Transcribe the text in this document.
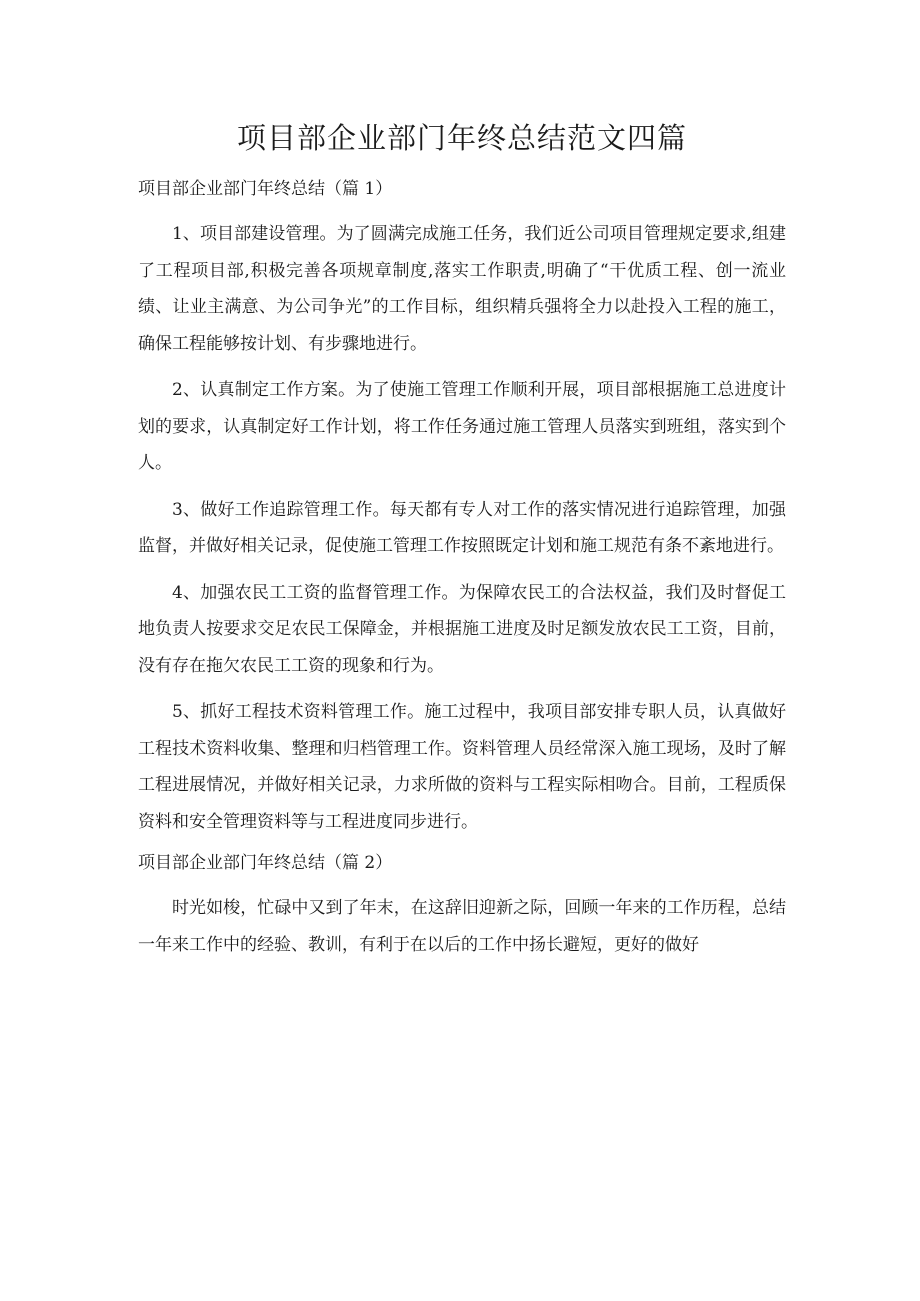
项目部企业部门年终总结范文四篇
项目部企业部门年终总结（篇 1）

1、项目部建设管理。为了圆满完成施工任务，我们近公司项目管理规定要求,组建了工程项目部,积极完善各项规章制度,落实工作职责,明确了“干优质工程、创一流业绩、让业主满意、为公司争光”的工作目标，组织精兵强将全力以赴投入工程的施工，确保工程能够按计划、有步骤地进行。

2、认真制定工作方案。为了使施工管理工作顺利开展，项目部根据施工总进度计划的要求，认真制定好工作计划，将工作任务通过施工管理人员落实到班组，落实到个人。

3、做好工作追踪管理工作。每天都有专人对工作的落实情况进行追踪管理，加强监督，并做好相关记录，促使施工管理工作按照既定计划和施工规范有条不紊地进行。

4、加强农民工工资的监督管理工作。为保障农民工的合法权益，我们及时督促工地负责人按要求交足农民工保障金，并根据施工进度及时足额发放农民工工资，目前，没有存在拖欠农民工工资的现象和行为。

5、抓好工程技术资料管理工作。施工过程中，我项目部安排专职人员，认真做好工程技术资料收集、整理和归档管理工作。资料管理人员经常深入施工现场，及时了解工程进展情况，并做好相关记录，力求所做的资料与工程实际相吻合。目前，工程质保资料和安全管理资料等与工程进度同步进行。

项目部企业部门年终总结（篇 2）

时光如梭，忙碌中又到了年末，在这辞旧迎新之际，回顾一年来的工作历程，总结一年来工作中的经验、教训，有利于在以后的工作中扬长避短，更好的做好
